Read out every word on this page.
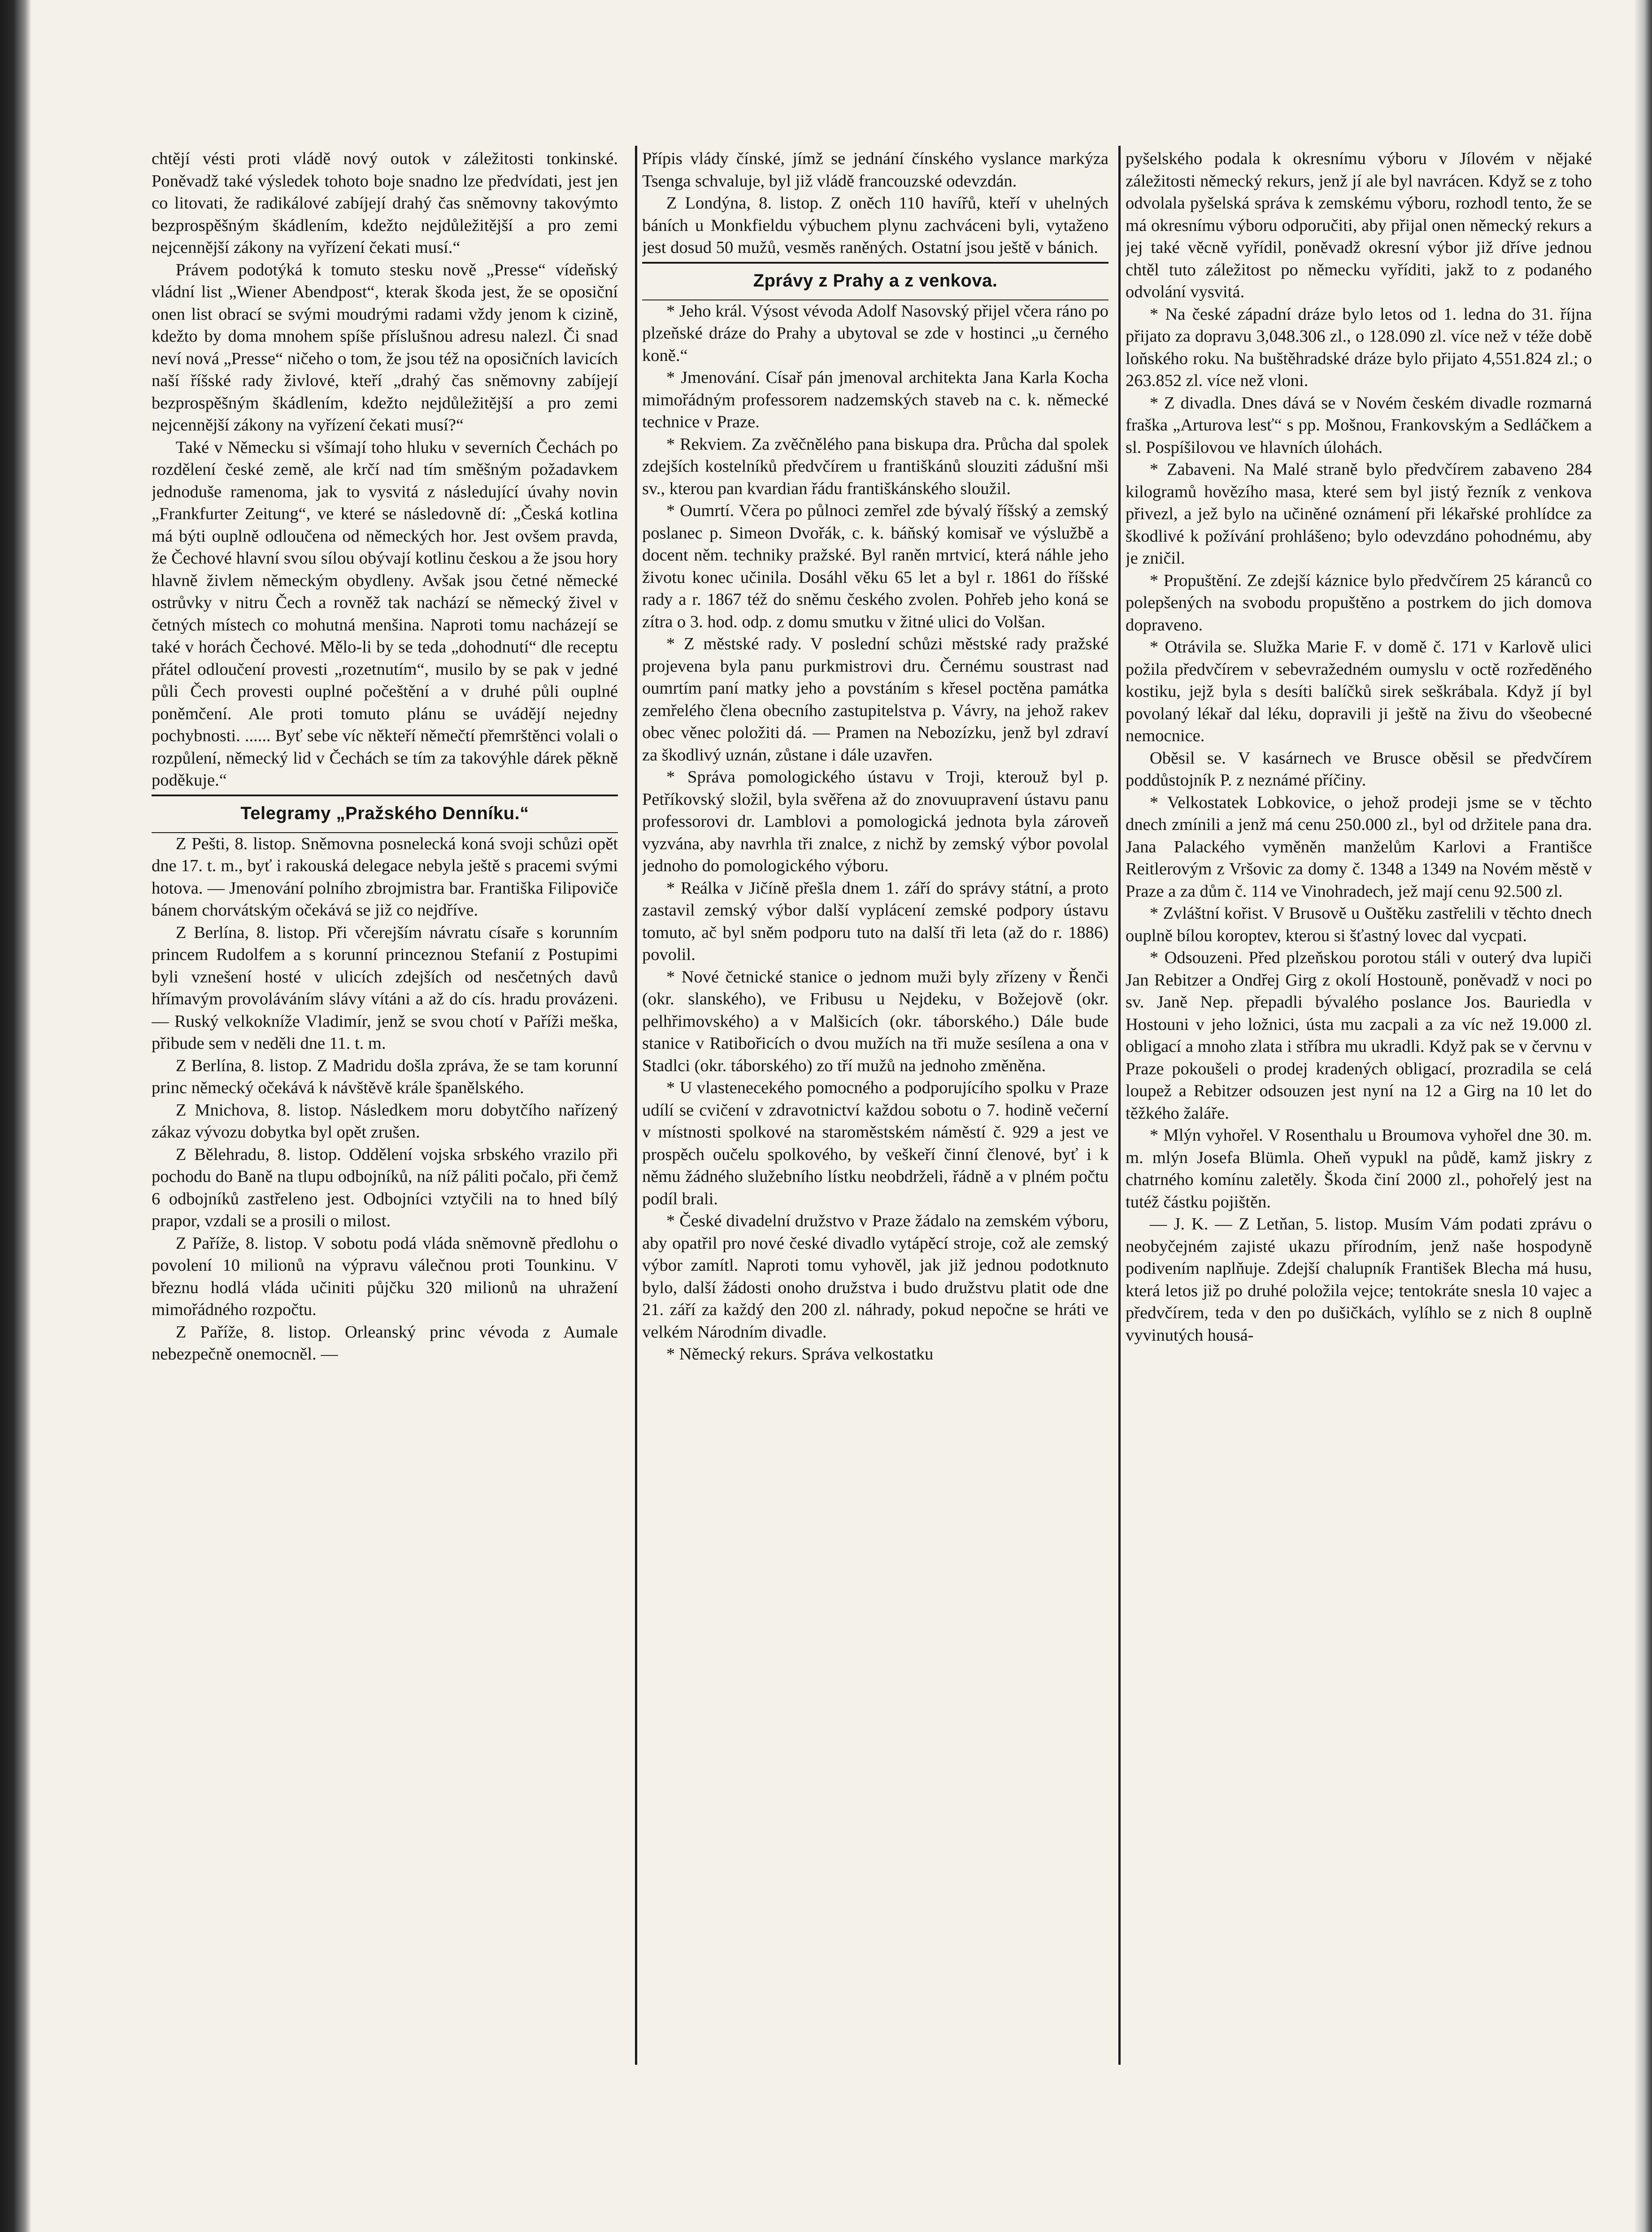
chtějí vésti proti vládě nový outok v záležitosti tonkinské. Poněvadž také výsledek tohoto boje snadno lze předvídati, jest jen co litovati, že radikálové zabíjejí drahý čas sněmovny takovýmto bezprospěšným škádlením, kdežto nejdůležitější a pro zemi nejcennější zákony na vyřízení čekati musí.“

Právem podotýká k tomuto stesku nově „Presse“ vídeňský vládní list „Wiener Abendpost“, kterak škoda jest, že se oposiční onen list obrací se svými moudrými radami vždy jenom k cizině, kdežto by doma mnohem spíše příslušnou adresu nalezl. Či snad neví nová „Presse“ ničeho o tom, že jsou též na oposičních lavicích naší říšské rady živlové, kteří „drahý čas sněmovny zabíjejí bezprospěšným škádlením, kdežto nejdůležitější a pro zemi nejcennější zákony na vyřízení čekati musí?“

Také v Německu si všímají toho hluku v severních Čechách po rozdělení české země, ale krčí nad tím směšným požadavkem jednoduše ramenoma, jak to vysvitá z následující úvahy novin „Frankfurter Zeitung“, ve které se následovně dí: „Česká kotlina má býti ouplně odloučena od německých hor. Jest ovšem pravda, že Čechové hlavní svou sílou obývají kotlinu českou a že jsou hory hlavně živlem německým obydleny. Avšak jsou četné německé ostrůvky v nitru Čech a rovněž tak nachází se německý živel v četných místech co mohutná menšina. Naproti tomu nacházejí se také v horách Čechové. Mělo-li by se teda „dohodnutí“ dle receptu přátel odloučení provesti „rozetnutím“, musilo by se pak v jedné půli Čech provesti ouplné počeštění a v druhé půli ouplné poněmčení. Ale proti tomuto plánu se uvádějí nejedny pochybnosti. ...... Byť sebe víc někteří němečtí přemrštěnci volali o rozpůlení, německý lid v Čechách se tím za takovýhle dárek pěkně poděkuje.“

Telegramy „Pražského Denníku.“

Z Pešti, 8. listop. Sněmovna posnelecká koná svoji schůzi opět dne 17. t. m., byť i rakouská delegace nebyla ještě s pracemi svými hotova. — Jmenování polního zbrojmistra bar. Františka Filipoviče bánem chorvátským očekává se již co nejdříve.

Z Berlína, 8. listop. Při včerejším návratu císaře s korunním princem Rudolfem a s korunní princeznou Stefanií z Postupimi byli vznešení hosté v ulicích zdejších od nesčetných davů hřímavým provoláváním slávy vítáni a až do cís. hradu provázeni. — Ruský velkokníže Vladimír, jenž se svou chotí v Paříži meška, přibude sem v neděli dne 11. t. m.

Z Berlína, 8. listop. Z Madridu došla zpráva, že se tam korunní princ německý očekává k návštěvě krále španělského.

Z Mnichova, 8. listop. Následkem moru dobytčího nařízený zákaz vývozu dobytka byl opět zrušen.

Z Bělehradu, 8. listop. Oddělení vojska srbského vrazilo při pochodu do Baně na tlupu odbojníků, na níž páliti počalo, při čemž 6 odbojníků zastřeleno jest. Odbojníci vztyčili na to hned bílý prapor, vzdali se a prosili o milost.

Z Paříže, 8. listop. V sobotu podá vláda sněmovně předlohu o povolení 10 milionů na výpravu válečnou proti Tounkinu. V březnu hodlá vláda učiniti půjčku 320 milionů na uhražení mimořádného rozpočtu.

Z Paříže, 8. listop. Orleanský princ vévoda z Aumale nebezpečně onemocněl. —

Přípis vlády čínské, jímž se jednání čínského vyslance markýza Tsenga schvaluje, byl již vládě francouzské odevzdán.

Z Londýna, 8. listop. Z oněch 110 havířů, kteří v uhelných báních u Monkfieldu výbuchem plynu zachváceni byli, vytaženo jest dosud 50 mužů, vesměs raněných. Ostatní jsou ještě v bánich.

Zprávy z Prahy a z venkova.

* Jeho král. Výsost vévoda Adolf Nasovský přijel včera ráno po plzeňské dráze do Prahy a ubytoval se zde v hostinci „u černého koně.“

* Jmenování. Císař pán jmenoval architekta Jana Karla Kocha mimořádným professorem nadzemských staveb na c. k. německé technice v Praze.

* Rekviem. Za zvěčnělého pana biskupa dra. Průcha dal spolek zdejších kostelníků předvčírem u františkánů slouziti zádušní mši sv., kterou pan kvardian řádu františkánského sloužil.

* Oumrtí. Včera po půlnoci zemřel zde bývalý říšský a zemský poslanec p. Simeon Dvořák, c. k. báňský komisař ve výslužbě a docent něm. techniky pražské. Byl raněn mrtvicí, která náhle jeho životu konec učinila. Dosáhl věku 65 let a byl r. 1861 do říšské rady a r. 1867 též do sněmu českého zvolen. Pohřeb jeho koná se zítra o 3. hod. odp. z domu smutku v žitné ulici do Volšan.

* Z městské rady. V poslední schůzi městské rady pražské projevena byla panu purkmistrovi dru. Černému soustrast nad oumrtím paní matky jeho a povstáním s křesel poctěna památka zemřelého člena obecního zastupitelstva p. Vávry, na jehož rakev obec věnec položiti dá. — Pramen na Nebozízku, jenž byl zdraví za škodlivý uznán, zůstane i dále uzavřen.

* Správa pomologického ústavu v Troji, kterouž byl p. Petříkovský složil, byla svěřena až do znovuupravení ústavu panu professorovi dr. Lamblovi a pomologická jednota byla zároveň vyzvána, aby navrhla tři znalce, z nichž by zemský výbor povolal jednoho do pomologického výboru.

* Reálka v Jičíně přešla dnem 1. září do správy státní, a proto zastavil zemský výbor další vyplácení zemské podpory ústavu tomuto, ač byl sněm podporu tuto na další tři leta (až do r. 1886) povolil.

* Nové četnické stanice o jednom muži byly zřízeny v Řenči (okr. slanského), ve Fribusu u Nejdeku, v Božejově (okr. pelhřimovského) a v Malšicích (okr. táborského.) Dále bude stanice v Ratibořicích o dvou mužích na tři muže sesílena a ona v Stadlci (okr. táborského) zo tří mužů na jednoho změněna.

* U vlastenecekého pomocného a podporujícího spolku v Praze udílí se cvičení v zdravotnictví každou sobotu o 7. hodině večerní v místnosti spolkové na staroměstském náměstí č. 929 a jest ve prospěch oučelu spolkového, by veškeří činní členové, byť i k němu žádného služebního lístku neobdrželi, řádně a v plném počtu podíl brali.

* České divadelní družstvo v Praze žádalo na zemském výboru, aby opatřil pro nové české divadlo vytápěcí stroje, což ale zemský výbor zamítl. Naproti tomu vyhověl, jak již jednou podotknuto bylo, další žádosti onoho družstva i budo družstvu platit ode dne 21. září za každý den 200 zl. náhrady, pokud nepočne se hráti ve velkém Národním divadle.

* Německý rekurs. Správa velkostatku

pyšelského podala k okresnímu výboru v Jílovém v nějaké záležitosti německý rekurs, jenž jí ale byl navrácen. Když se z toho odvolala pyšelská správa k zemskému výboru, rozhodl tento, že se má okresnímu výboru odporučiti, aby přijal onen německý rekurs a jej také věcně vyřídil, poněvadž okresní výbor již dříve jednou chtěl tuto záležitost po německu vyříditi, jakž to z podaného odvolání vysvitá.

* Na české západní dráze bylo letos od 1. ledna do 31. října přijato za dopravu 3,048.306 zl., o 128.090 zl. více než v téže době loňského roku. Na buštěhradské dráze bylo přijato 4,551.824 zl.; o 263.852 zl. více než vloni.

* Z divadla. Dnes dává se v Novém českém divadle rozmarná fraška „Arturova lesť“ s pp. Mošnou, Frankovským a Sedláčkem a sl. Pospíšilovou ve hlavních úlohách.

* Zabaveni. Na Malé straně bylo předvčírem zabaveno 284 kilogramů hovězího masa, které sem byl jistý řezník z venkova přivezl, a jež bylo na učiněné oznámení při lékařské prohlídce za škodlivé k požívání prohlášeno; bylo odevzdáno pohodnému, aby je zničil.

* Propuštění. Ze zdejší káznice bylo předvčírem 25 káranců co polepšených na svobodu propuštěno a postrkem do jich domova dopraveno.

* Otrávila se. Služka Marie F. v domě č. 171 v Karlově ulici požila předvčírem v sebevražedném oumyslu v octě rozředěného kostiku, jejž byla s desíti balíčků sirek seškrábala. Když jí byl povolaný lékař dal léku, dopravili ji ještě na živu do všeobecné nemocnice.

Oběsil se. V kasárnech ve Brusce oběsil se předvčírem poddůstojník P. z neznámé příčiny.

* Velkostatek Lobkovice, o jehož prodeji jsme se v těchto dnech zmínili a jenž má cenu 250.000 zl., byl od držitele pana dra. Jana Palackého vyměněn manželům Karlovi a Františce Reitlerovým z Vršovic za domy č. 1348 a 1349 na Novém městě v Praze a za dům č. 114 ve Vinohradech, jež mají cenu 92.500 zl.

* Zvláštní kořist. V Brusově u Ouštěku zastřelili v těchto dnech ouplně bílou koroptev, kterou si šťastný lovec dal vycpati.

* Odsouzeni. Před plzeňskou porotou stáli v outerý dva lupiči Jan Rebitzer a Ondřej Girg z okolí Hostouně, poněvadž v noci po sv. Janě Nep. přepadli bývalého poslance Jos. Bauriedla v Hostouni v jeho ložnici, ústa mu zacpali a za víc než 19.000 zl. obligací a mnoho zlata i stříbra mu ukradli. Když pak se v červnu v Praze pokoušeli o prodej kradených obligací, prozradila se celá loupež a Rebitzer odsouzen jest nyní na 12 a Girg na 10 let do těžkého žaláře.

* Mlýn vyhořel. V Rosenthalu u Broumova vyhořel dne 30. m. m. mlýn Josefa Blümla. Oheň vypukl na půdě, kamž jiskry z chatrného komínu zaletěly. Škoda činí 2000 zl., pohořelý jest na tutéž částku pojištěn.

— J. K. — Z Letňan, 5. listop. Musím Vám podati zprávu o neobyčejném zajisté ukazu přírodním, jenž naše hospodyně podivením naplňuje. Zdejší chalupník František Blecha má husu, která letos již po druhé položila vejce; tentokráte snesla 10 vajec a předvčírem, teda v den po dušičkách, vylíhlo se z nich 8 ouplně vyvinutých housá-
